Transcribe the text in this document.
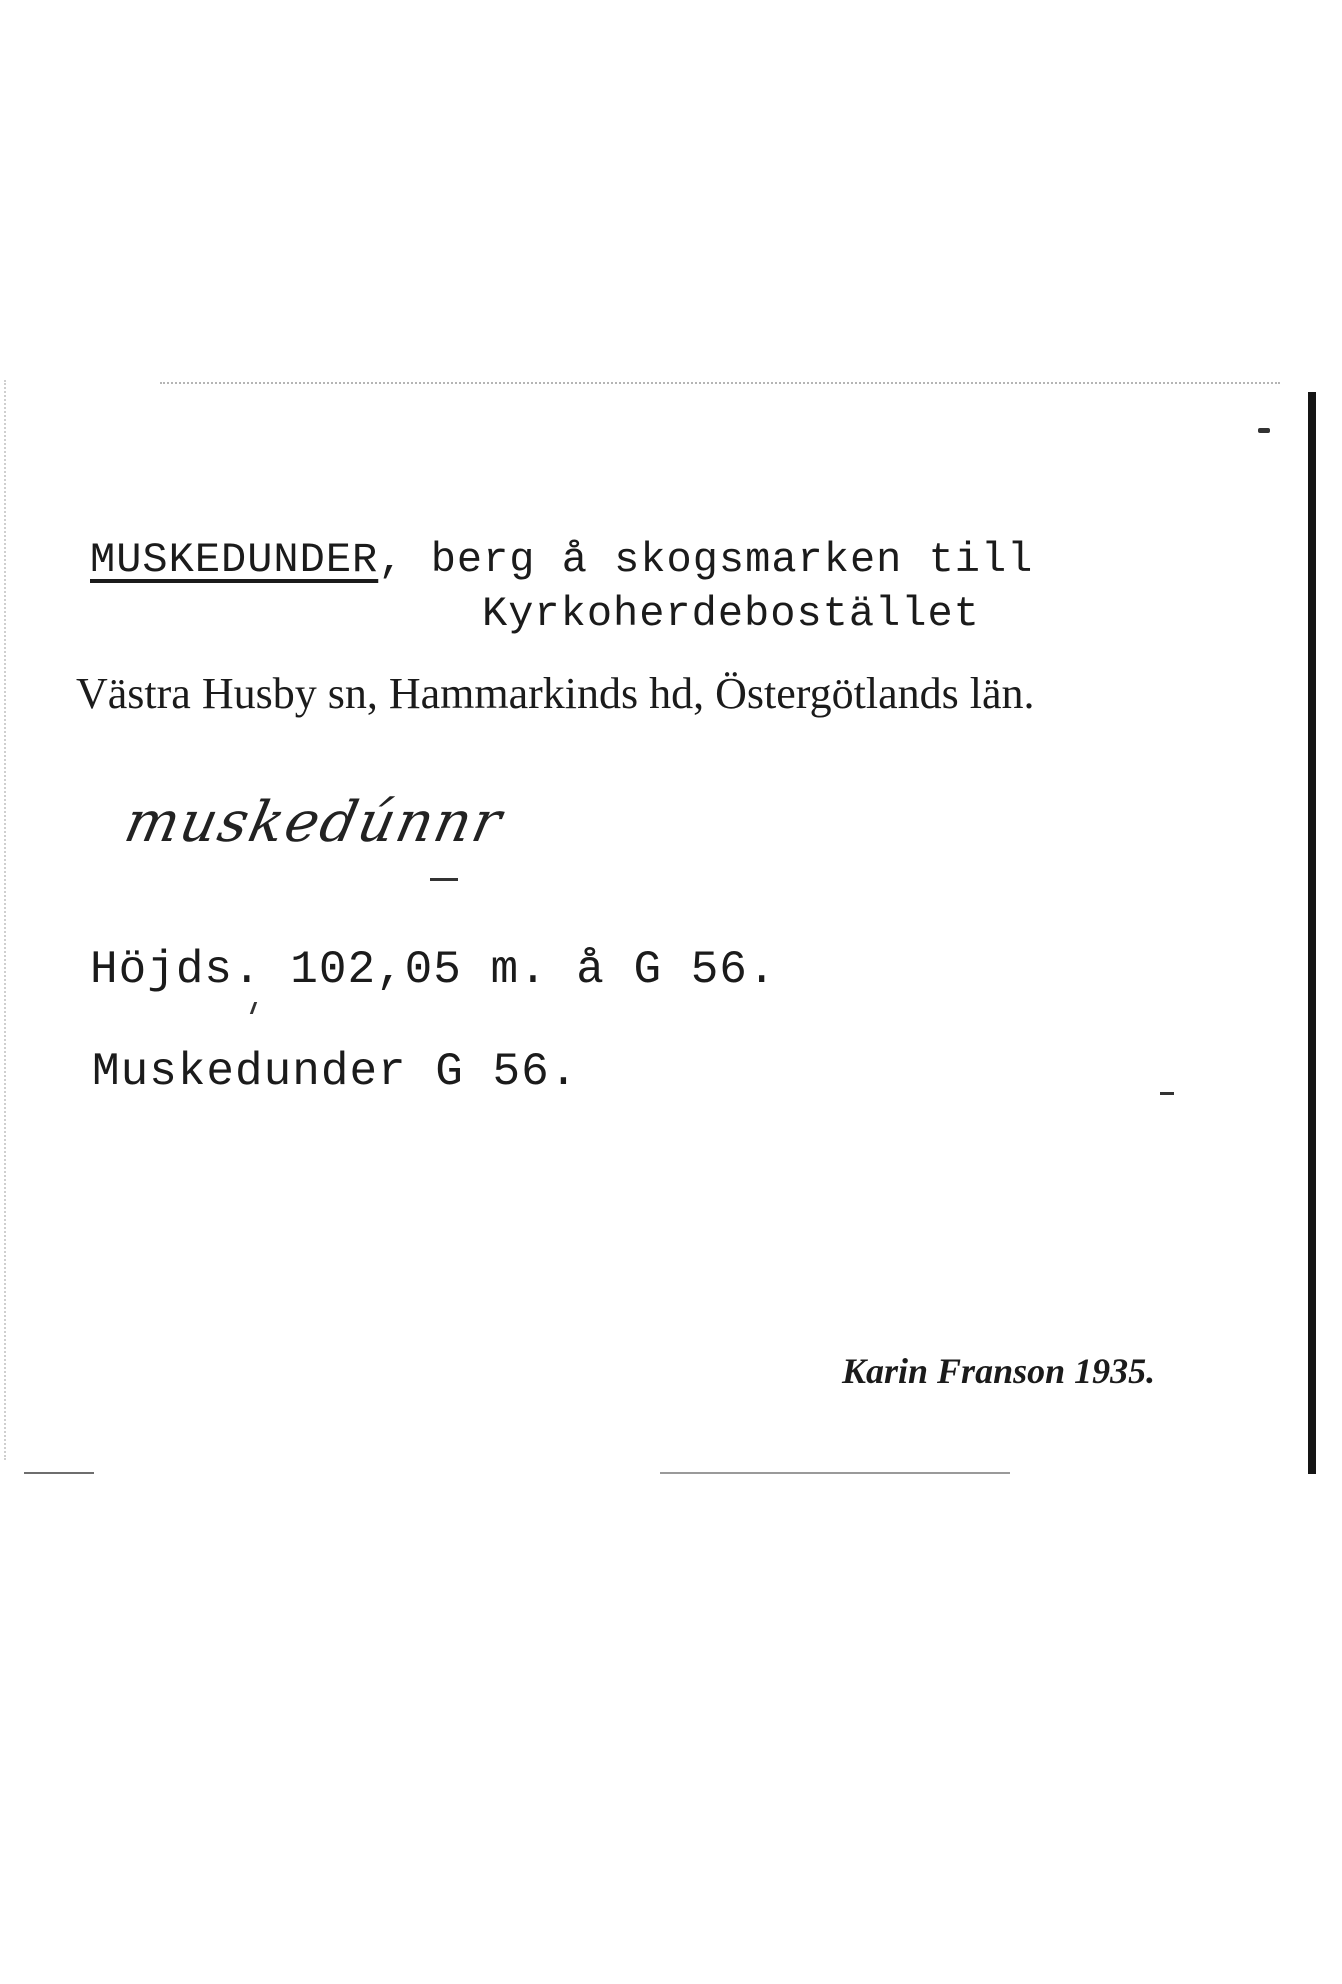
MUSKEDUNDER, berg å skogsmarken till
Kyrkoherdebostället
Västra Husby sn, Hammarkinds hd, Östergötlands län.
muskedúnnr
Höjds. 102,05 m. å G 56.
Muskedunder G 56.
Karin Franson 1935.
